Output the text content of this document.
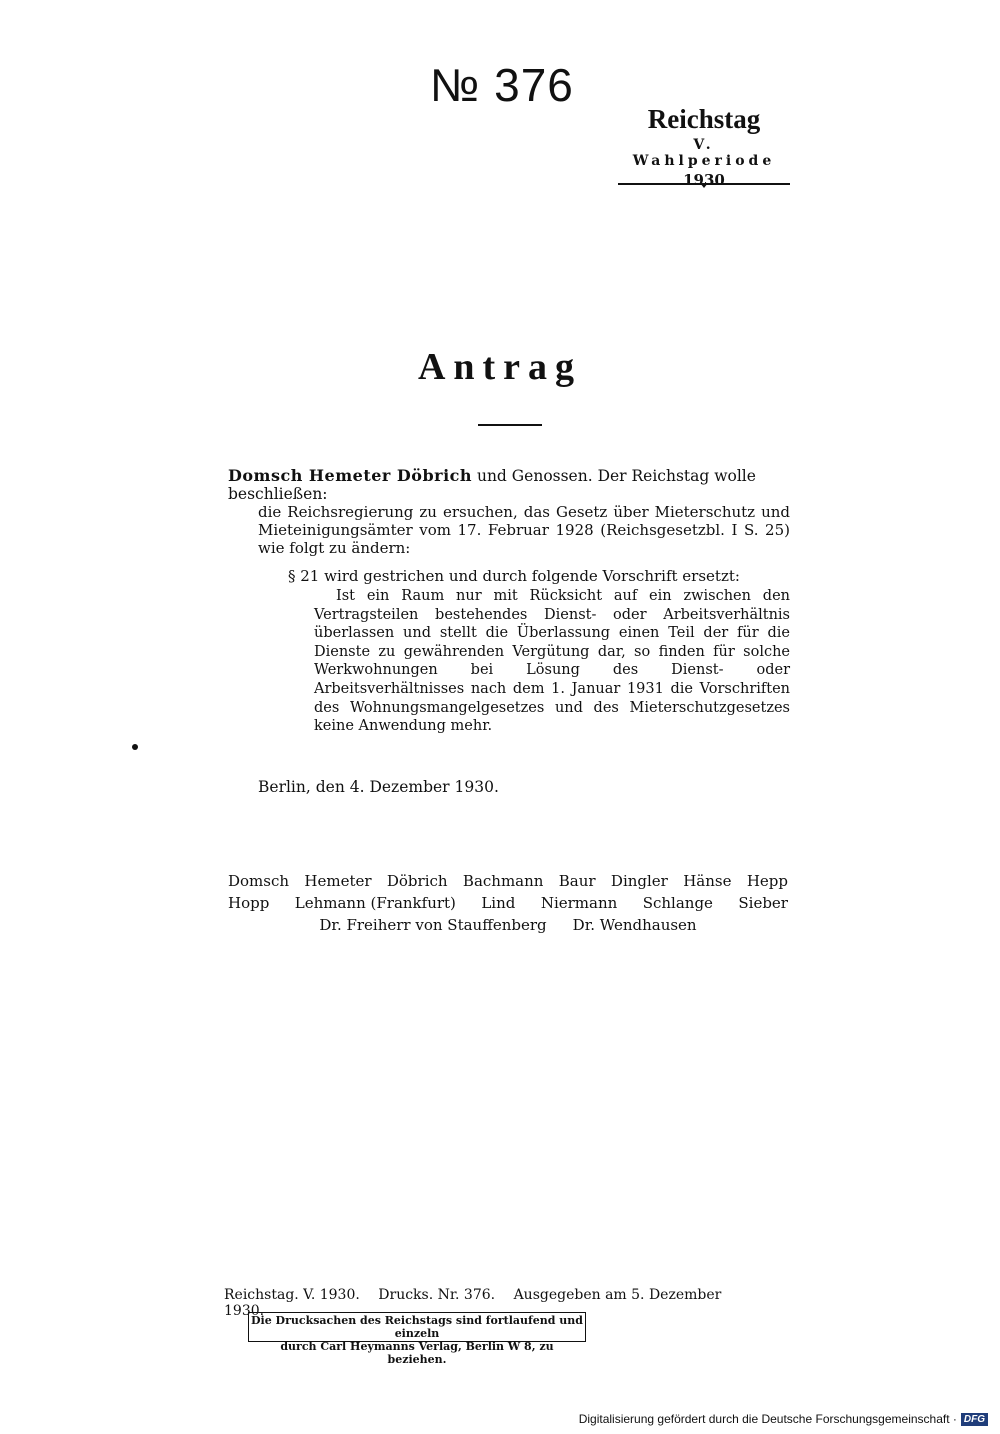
№ 376
Reichstag
V. Wahlperiode
1930
Antrag
Domsch Hemeter Döbrich und Genossen. Der Reichstag wolle beschließen:
die Reichsregierung zu ersuchen, das Gesetz über Mieterschutz und Mieteinigungsämter vom 17. Februar 1928 (Reichsgesetzbl. I S. 25) wie folgt zu ändern:
§ 21 wird gestrichen und durch folgende Vorschrift ersetzt:
Ist ein Raum nur mit Rücksicht auf ein zwischen den Vertragsteilen bestehendes Dienst- oder Arbeitsverhältnis überlassen und stellt die Überlassung einen Teil der für die Dienste zu gewährenden Vergütung dar, so finden für solche Werkwohnungen bei Lösung des Dienst- oder Arbeitsverhältnisses nach dem 1. Januar 1931 die Vorschriften des Wohnungsmangelgesetzes und des Mieterschutzgesetzes keine Anwendung mehr.
Berlin, den 4. Dezember 1930.
Domsch Hemeter Döbrich Bachmann Baur Dingler Hänse Hepp
Hopp Lehmann (Frankfurt) Lind Niermann Schlange Sieber
Dr. Freiherr von Stauffenberg Dr. Wendhausen
Reichstag. V. 1930. Drucks. Nr. 376. Ausgegeben am 5. Dezember 1930.
Die Drucksachen des Reichstags sind fortlaufend und einzeln
durch Carl Heymanns Verlag, Berlin W 8, zu beziehen.
Digitalisierung gefördert durch die Deutsche Forschungsgemeinschaft · DFG
